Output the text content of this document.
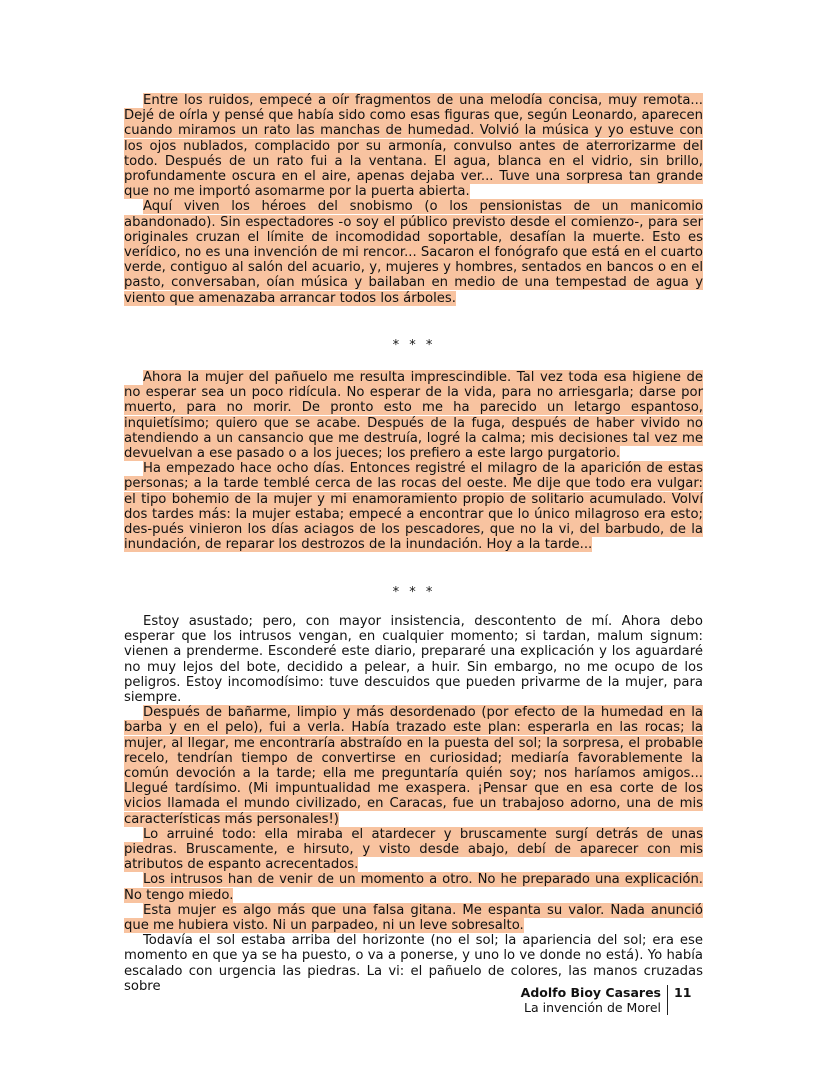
Entre los ruidos, empecé a oír fragmentos de una melodía concisa, muy remota... Dejé de oírla y pensé que había sido como esas figuras que, según Leonardo, aparecen cuando miramos un rato las manchas de humedad. Volvió la música y yo estuve con los ojos nublados, complacido por su armonía, convulso antes de aterrorizarme del todo. Después de un rato fui a la ventana. El agua, blanca en el vidrio, sin brillo, profundamente oscura en el aire, apenas dejaba ver... Tuve una sorpresa tan grande que no me importó asomarme por la puerta abierta.

Aquí viven los héroes del snobismo (o los pensionistas de un manicomio abandonado). Sin espectadores -o soy el público previsto desde el comienzo-, para ser originales cruzan el límite de incomodidad soportable, desafían la muerte. Esto es verídico, no es una invención de mi rencor... Sacaron el fonógrafo que está en el cuarto verde, contiguo al salón del acuario, y, mujeres y hombres, sentados en bancos o en el pasto, conversaban, oían música y bailaban en medio de una tempestad de agua y viento que amenazaba arrancar todos los árboles.

* * *

Ahora la mujer del pañuelo me resulta imprescindible. Tal vez toda esa higiene de no esperar sea un poco ridícula. No esperar de la vida, para no arriesgarla; darse por muerto, para no morir. De pronto esto me ha parecido un letargo espantoso, inquietísimo; quiero que se acabe. Después de la fuga, después de haber vivido no atendiendo a un cansancio que me destruía, logré la calma; mis decisiones tal vez me devuelvan a ese pasado o a los jueces; los prefiero a este largo purgatorio.

Ha empezado hace ocho días. Entonces registré el milagro de la aparición de estas personas; a la tarde temblé cerca de las rocas del oeste. Me dije que todo era vulgar: el tipo bohemio de la mujer y mi enamoramiento propio de solitario acumulado. Volví dos tardes más: la mujer estaba; empecé a encontrar que lo único milagroso era esto; des-pués vinieron los días aciagos de los pescadores, que no la vi, del barbudo, de la inundación, de reparar los destrozos de la inundación. Hoy a la tarde...

* * *

Estoy asustado; pero, con mayor insistencia, descontento de mí. Ahora debo esperar que los intrusos vengan, en cualquier momento; si tardan, malum signum: vienen a prenderme. Esconderé este diario, prepararé una explicación y los aguardaré no muy lejos del bote, decidido a pelear, a huir. Sin embargo, no me ocupo de los peligros. Estoy incomodísimo: tuve descuidos que pueden privarme de la mujer, para siempre.

Después de bañarme, limpio y más desordenado (por efecto de la humedad en la barba y en el pelo), fui a verla. Había trazado este plan: esperarla en las rocas; la mujer, al llegar, me encontraría abstraído en la puesta del sol; la sorpresa, el probable recelo, tendrían tiempo de convertirse en curiosidad; mediaría favorablemente la común devoción a la tarde; ella me preguntaría quién soy; nos haríamos amigos... Llegué tardísimo. (Mi impuntualidad me exaspera. ¡Pensar que en esa corte de los vicios llamada el mundo civilizado, en Caracas, fue un trabajoso adorno, una de mis características más personales!)

Lo arruiné todo: ella miraba el atardecer y bruscamente surgí detrás de unas piedras. Bruscamente, e hirsuto, y visto desde abajo, debí de aparecer con mis atributos de espanto acrecentados.

Los intrusos han de venir de un momento a otro. No he preparado una explicación. No tengo miedo.

Esta mujer es algo más que una falsa gitana. Me espanta su valor. Nada anunció que me hubiera visto. Ni un parpadeo, ni un leve sobresalto.

Todavía el sol estaba arriba del horizonte (no el sol; la apariencia del sol; era ese momento en que ya se ha puesto, o va a ponerse, y uno lo ve donde no está). Yo había escalado con urgencia las piedras. La vi: el pañuelo de colores, las manos cruzadas sobre	Adolfo Bioy Casares
La invención de Morel
11
